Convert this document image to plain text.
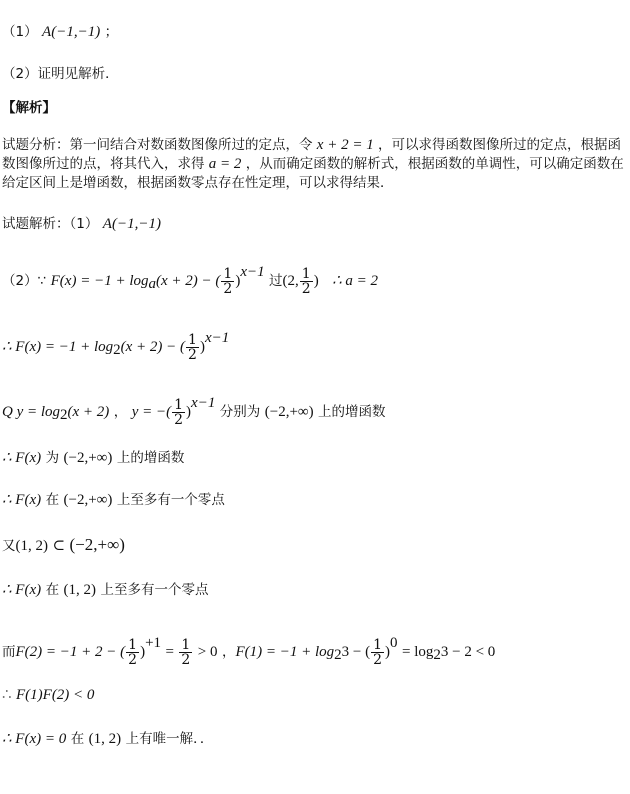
（1） A(−1,−1) ；
（2）证明见解析．
【解析】
试题分析：第一问结合对数函数图像所过的定点，令 x + 2 = 1 ，可以求得函数图像所过的定点，根据函数图像所过的点，将其代入，求得 a = 2 ，从而确定函数的解析式，根据函数的单调性，可以确定函数在给定区间上是增函数，根据函数零点存在性定理，可以求得结果．
试题解析：（1） A(−1,−1)
（2）∵ $F(x) = -1 + \log_a(x + 2)$ − ( $\frac{1}{2} )^{x-1}$ 过(2, $\frac{1}{2}$ ) ∴ a = 2
∴ $F(x) = -1 + \log_2(x + 2)$ − ( $\frac{1}{2} )^{x-1}$
Q $y = \log_2(x + 2)$ ， y = −( $\frac{1}{2} )^{x-1}$ 分别为 (−2,+∞) 上的增函数
∴ F(x) 为 (−2,+∞) 上的增函数
∴ F(x) 在 (−2,+∞) 上至多有一个零点
又(1, 2) ⊂ (−2,+∞)
∴ F(x) 在 (1, 2) 上至多有一个零点
而F(2) = −1 + 2 − ( $\frac{1}{2} )^{+1} = \frac{1}{2} > 0$ ，$F(1) = -1 + \log_23$ − ( $\frac{1}{2} )^0 = \log_23 - 2 < 0$
∴ F(1)F(2) < 0
∴ F(x) = 0 在 (1, 2) 上有唯一解．．
